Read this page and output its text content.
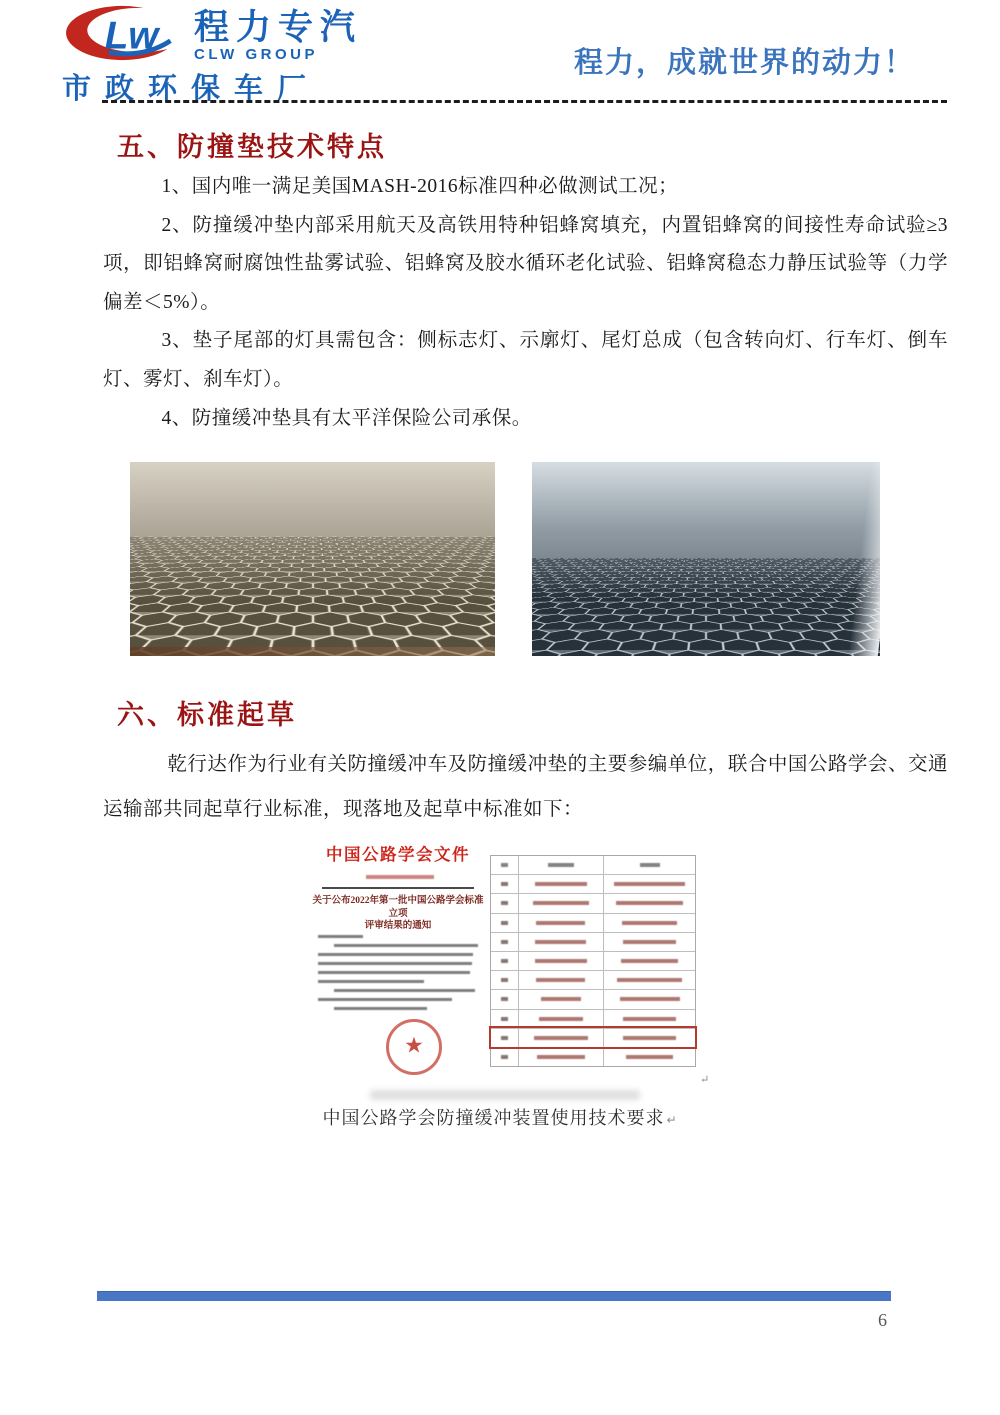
Lw 程力专汽
CLW GROUP
市政环保车厂
程力，成就世界的动力！
五、防撞垫技术特点

1、国内唯一满足美国MASH-2016标准四种必做测试工况；

2、防撞缓冲垫内部采用航天及高铁用特种铝蜂窝填充，内置铝蜂窝的间接性寿命试验≥3项，即铝蜂窝耐腐蚀性盐雾试验、铝蜂窝及胶水循环老化试验、铝蜂窝稳态力静压试验等（力学偏差＜5%）。

3、垫子尾部的灯具需包含：侧标志灯、示廓灯、尾灯总成（包含转向灯、行车灯、倒车灯、雾灯、刹车灯）。

4、防撞缓冲垫具有太平洋保险公司承保。

六、标准起草

乾行达作为行业有关防撞缓冲车及防撞缓冲垫的主要参编单位，联合中国公路学会、交通运输部共同起草行业标准，现落地及起草中标准如下：

中国公路学会文件
关于公布2022年第一批中国公路学会标准立项
评审结果的通知
★
↵
中国公路学会防撞缓冲装置使用技术要求 ↵
6
